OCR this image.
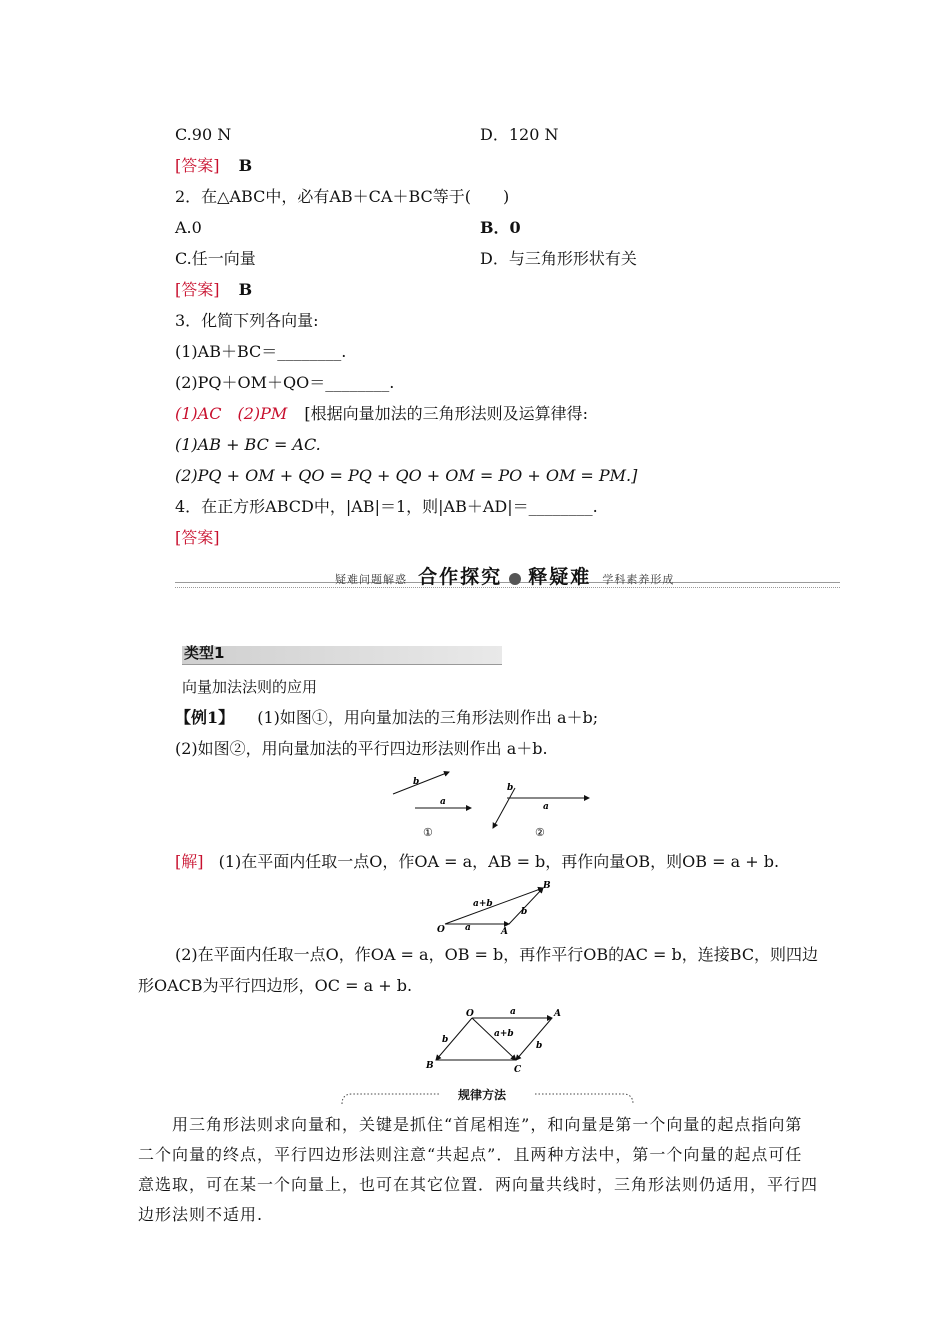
C.90 N	D．120 N
[答案] B
2．在△ABC中，必有AB＋CA＋BC等于(　　)
A.0	B．0
C.任一向量	D．与三角形形状有关
[答案] B
3．化简下列各向量:
(1)AB＋BC＝________.
(2)PQ＋OM＋QO＝________.
(1)AC　(2)PM [根据向量加法的三角形法则及运算律得:
(1)AB + BC = AC.
(2)PQ + OM + QO = PQ + QO + OM = PO + OM = PM.]
4．在正方形ABCD中，|AB|＝1，则|AB＋AD|＝________.
[答案]
疑难问题解惑 合作探究 释疑难 学科素养形成
类型1
向量加法法则的应用
【例1】 (1)如图①，用向量加法的三角形法则作出 a＋b;
(2)如图②，用向量加法的平行四边形法则作出 a＋b.
b
a
b
a
①	②
[解] (1)在平面内任取一点O，作OA = a，AB = b，再作向量OB，则OB = a + b.
O	A
B
a
b
a+b
(2)在平面内任取一点O，作OA = a，OB = b，再作平行OB的AC = b，连接BC，则四边
形OACB为平行四边形，OC = a + b.
O	A
B	C
a
b
b
a+b
规律方法
用三角形法则求向量和，关键是抓住“首尾相连”，和向量是第一个向量的起点指向第二个向量的终点，平行四边形法则注意“共起点”．且两种方法中，第一个向量的起点可任意选取，可在某一个向量上，也可在其它位置．两向量共线时，三角形法则仍适用，平行四边形法则不适用.
